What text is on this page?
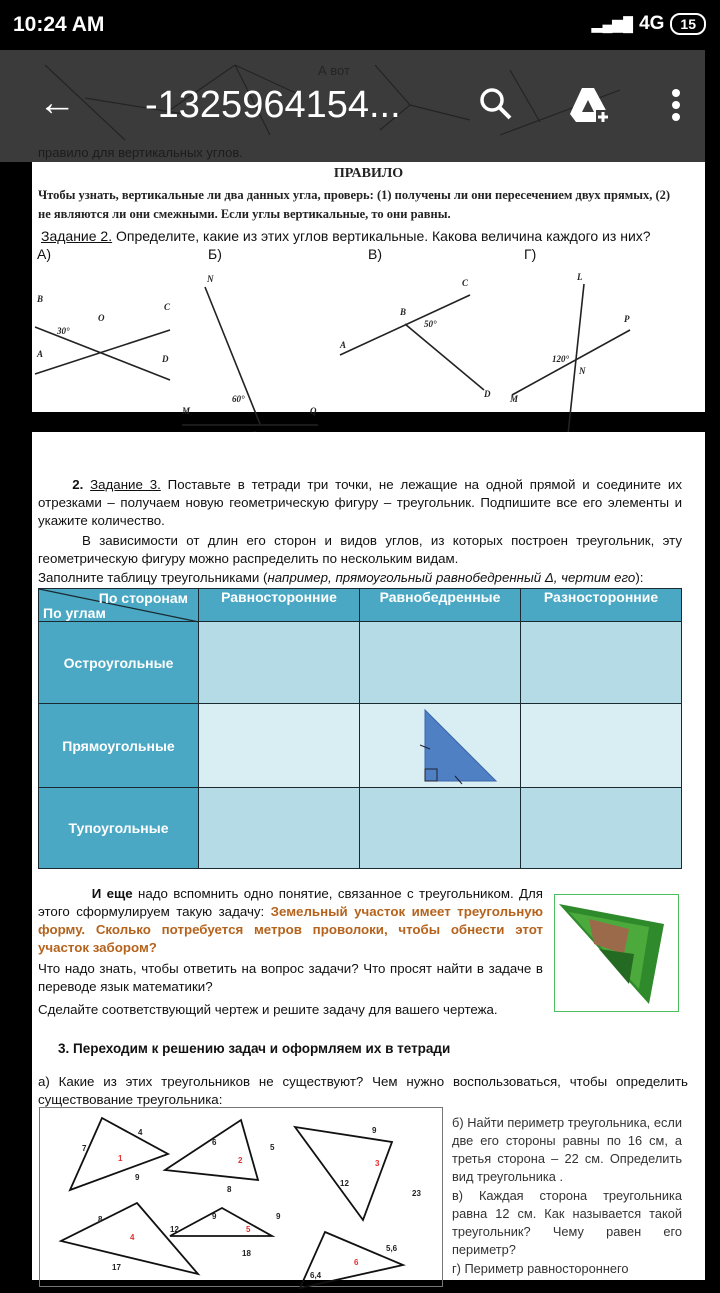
10:24 AM	▂▄▆█ 4G	15
А вот
← -1325964154...
правило для вертикальных углов.
ПРАВИЛО
Чтобы узнать, вертикальные ли два данных угла, проверь: (1) получены ли они пересечением двух прямых, (2) не являются ли они смежными. Если углы вертикальные, то они равны.
Задание 2. Определите, какие из этих углов вертикальные. Какова величина каждого из них?
А)	Б)	В)	Г)
B
C
O
A	D
30°
N
M
60°
Q
A
B
C
50°
D
L
P
120°
N
M
2. Задание 3. Поставьте в тетради три точки, не лежащие на одной прямой и соедините их отрезками – получаем новую геометрическую фигуру – треугольник. Подпишите все его элементы и укажите количество.
В зависимости от длин его сторон и видов углов, из которых построен треугольник, эту геометрическую фигуру можно распределить по нескольким видам.
Заполните таблицу треугольниками (например, прямоугольный равнобедренный Δ, чертим его):
По сторонам
По углам	Равносторонние	Равнобедренные	Разносторонние
Остроугольные			
Прямоугольные			
Тупоугольные			
И еще надо вспомнить одно понятие, связанное с треугольником. Для этого сформулируем такую задачу: Земельный участок имеет треугольную форму. Сколько потребуется метров проволоки, чтобы обнести этот участок забором?
Что надо знать, чтобы ответить на вопрос задачи? Что просят найти в задаче в переводе язык математики?
Сделайте соответствующий чертеж и решите задачу для вашего чертежа.
3. Переходим к решению задач и оформляем их в тетради
а) Какие из этих треугольников не существуют? Чем нужно воспользоваться, чтобы определить существование треугольника:
7
4
9
6
5
8
9
12
23
8
12
17
9	9
18
6,4
5,6
1	2	3
4
5
6
б) Найти периметр треугольника, если две его стороны равны по 16 см, а третья сторона – 22 см. Определить вид треугольника .
в) Каждая сторона треугольника равна 12 см. Как называется такой треугольник? Чему равен его периметр?
г) Периметр равностороннего
